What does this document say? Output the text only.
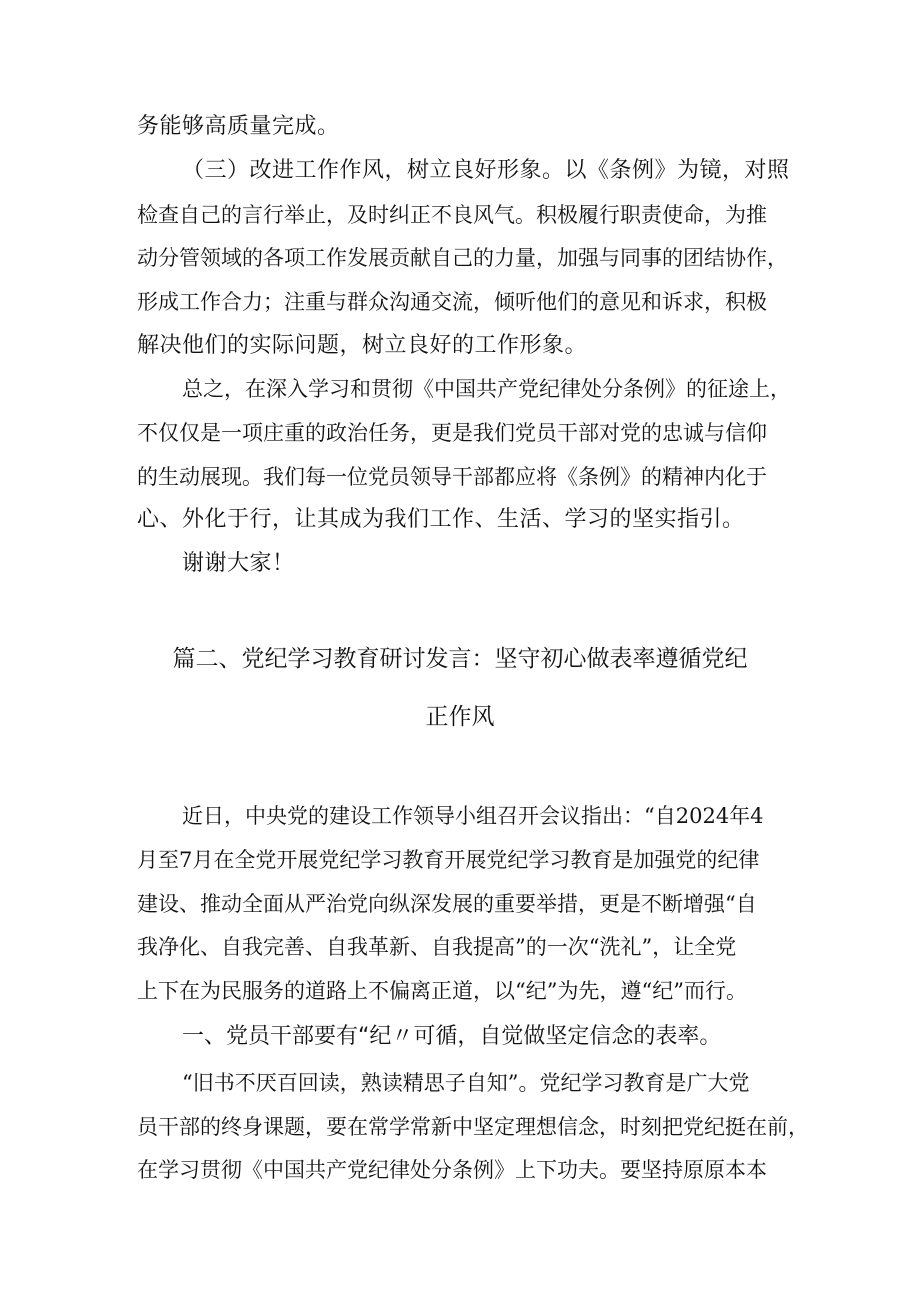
务能够高质量完成。
（三）改进工作作风，树立良好形象。以《条例》为镜，对照
检查自己的言行举止，及时纠正不良风气。积极履行职责使命，为推
动分管领域的各项工作发展贡献自己的力量，加强与同事的团结协作，
形成工作合力；注重与群众沟通交流，倾听他们的意见和诉求，积极
解决他们的实际问题，树立良好的工作形象。
总之，在深入学习和贯彻《中国共产党纪律处分条例》的征途上，
不仅仅是一项庄重的政治任务，更是我们党员干部对党的忠诚与信仰
的生动展现。我们每一位党员领导干部都应将《条例》的精神内化于
心、外化于行，让其成为我们工作、生活、学习的坚实指引。
谢谢大家！
篇二、党纪学习教育研讨发言：坚守初心做表率遵循党纪
正作风
近日，中央党的建设工作领导小组召开会议指出：“自2024年4
月至7月在全党开展党纪学习教育开展党纪学习教育是加强党的纪律
建设、推动全面从严治党向纵深发展的重要举措，更是不断增强“自
我净化、自我完善、自我革新、自我提高”的一次“洗礼”，让全党
上下在为民服务的道路上不偏离正道，以“纪”为先，遵“纪”而行。
一、党员干部要有“纪〃可循，自觉做坚定信念的表率。
“旧书不厌百回读，熟读精思子自知”。党纪学习教育是广大党
员干部的终身课题，要在常学常新中坚定理想信念，时刻把党纪挺在前，
在学习贯彻《中国共产党纪律处分条例》上下功夫。要坚持原原本本
